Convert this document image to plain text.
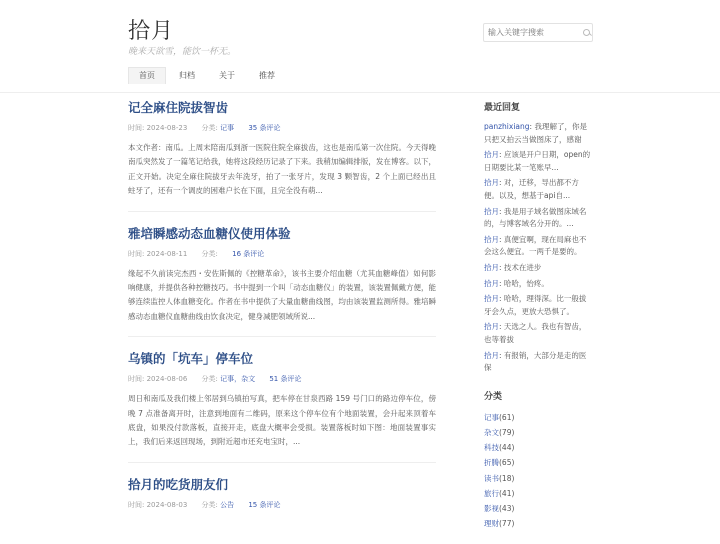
拾月
晚来天欲雪，能饮一杯无。
输入关键字搜索
首页	归档	关于	推荐
记全麻住院拔智齿
时间: 2024-08-23 分类: 记事 35 条评论
本文作者：南瓜。上周末陪南瓜到浙一医院住院全麻拔齿，这也是南瓜第一次住院。今天得晚南瓜突然发了一篇笔记给我，她将这段经历记录了下来。我稍加编辑排版，发在博客。以下，正文开始。决定全麻住院拔牙去年洗牙，拍了一张牙片，发现 3 颗智齿，2 个上面已经出且蛀牙了，还有一个调皮的困难户长在下面，且完全没有萌...
雅培瞬感动态血糖仪使用体验
时间: 2024-08-11 分类: 16 条评论
缘起不久前读完杰西・安佐斯佩的《控糖革命》，该书主要介绍血糖（尤其血糖峰值）如何影响健康，并提供各种控糖技巧。书中提到一个叫「动态血糖仪」的装置，该装置佩戴方便，能够连续监控人体血糖变化。作者在书中提供了大量血糖曲线图，均由该装置监测所得。雅培瞬感动态血糖仪血糖曲线由饮食决定，健身减肥领域所说...
乌镇的「坑车」停车位
时间: 2024-08-06 分类: 记事，杂文 51 条评论
周日和南瓜及我们楼上邻居到乌镇拍写真，把车停在甘泉西路 159 号门口的路边停车位，傍晚 7 点准备离开时，注意到地面有二维码，原来这个停车位有个地面装置，会升起来顶着车底盘，如果没付款落板，直接开走，底盘大概率会受损。装置落板时如下图：地面装置事实上，我们后来返回现场，到附近超市还充电宝时，...
拾月的吃货朋友们
时间: 2024-08-03 分类: 公告 15 条评论
最近回复
panzhixiang: 我理解了，你是只把又拍云当做图床了，感谢
拾月: 应该是开户日期，open的日期要比某一笔账早...
拾月: 对，迁移，导出都不方便。以及，想基于api自...
拾月: 我是用子域名做图床域名的，与博客域名分开的。...
拾月: 真便宜啊，现在局麻也不会这么便宜。一两千是要的。
拾月: 技术在进步
拾月: 哈哈，怡疼。
拾月: 哈哈，理得深。比一般拔牙会久点，更放大恐惧了。
拾月: 天选之人。我也有智齿，也等着拔
拾月: 有报销，大部分是走的医保
分类
记事(61)
杂文(79)
科技(44)
折腾(65)
读书(18)
旅行(41)
影视(43)
理财(77)
